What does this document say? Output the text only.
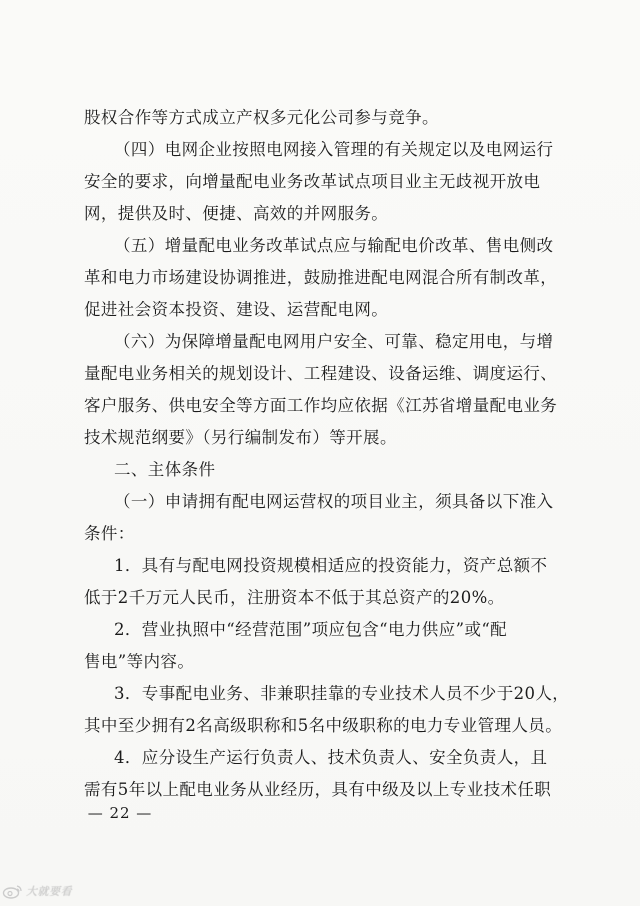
股权合作等方式成立产权多元化公司参与竞争。
（四）电网企业按照电网接入管理的有关规定以及电网运行
安全的要求，向增量配电业务改革试点项目业主无歧视开放电
网，提供及时、便捷、高效的并网服务。
（五）增量配电业务改革试点应与输配电价改革、售电侧改
革和电力市场建设协调推进，鼓励推进配电网混合所有制改革，
促进社会资本投资、建设、运营配电网。
（六）为保障增量配电网用户安全、可靠、稳定用电，与增
量配电业务相关的规划设计、工程建设、设备运维、调度运行、
客户服务、供电安全等方面工作均应依据《江苏省增量配电业务
技术规范纲要》（另行编制发布）等开展。
二、主体条件
（一）申请拥有配电网运营权的项目业主，须具备以下准入
条件：
1．具有与配电网投资规模相适应的投资能力，资产总额不
低于2千万元人民币，注册资本不低于其总资产的20%。
2．营业执照中“经营范围”项应包含“电力供应”或“配
售电”等内容。
3．专事配电业务、非兼职挂靠的专业技术人员不少于20人，
其中至少拥有2名高级职称和5名中级职称的电力专业管理人员。
4．应分设生产运行负责人、技术负责人、安全负责人，且
需有5年以上配电业务从业经历，具有中级及以上专业技术任职
— 22 —
大就要看
